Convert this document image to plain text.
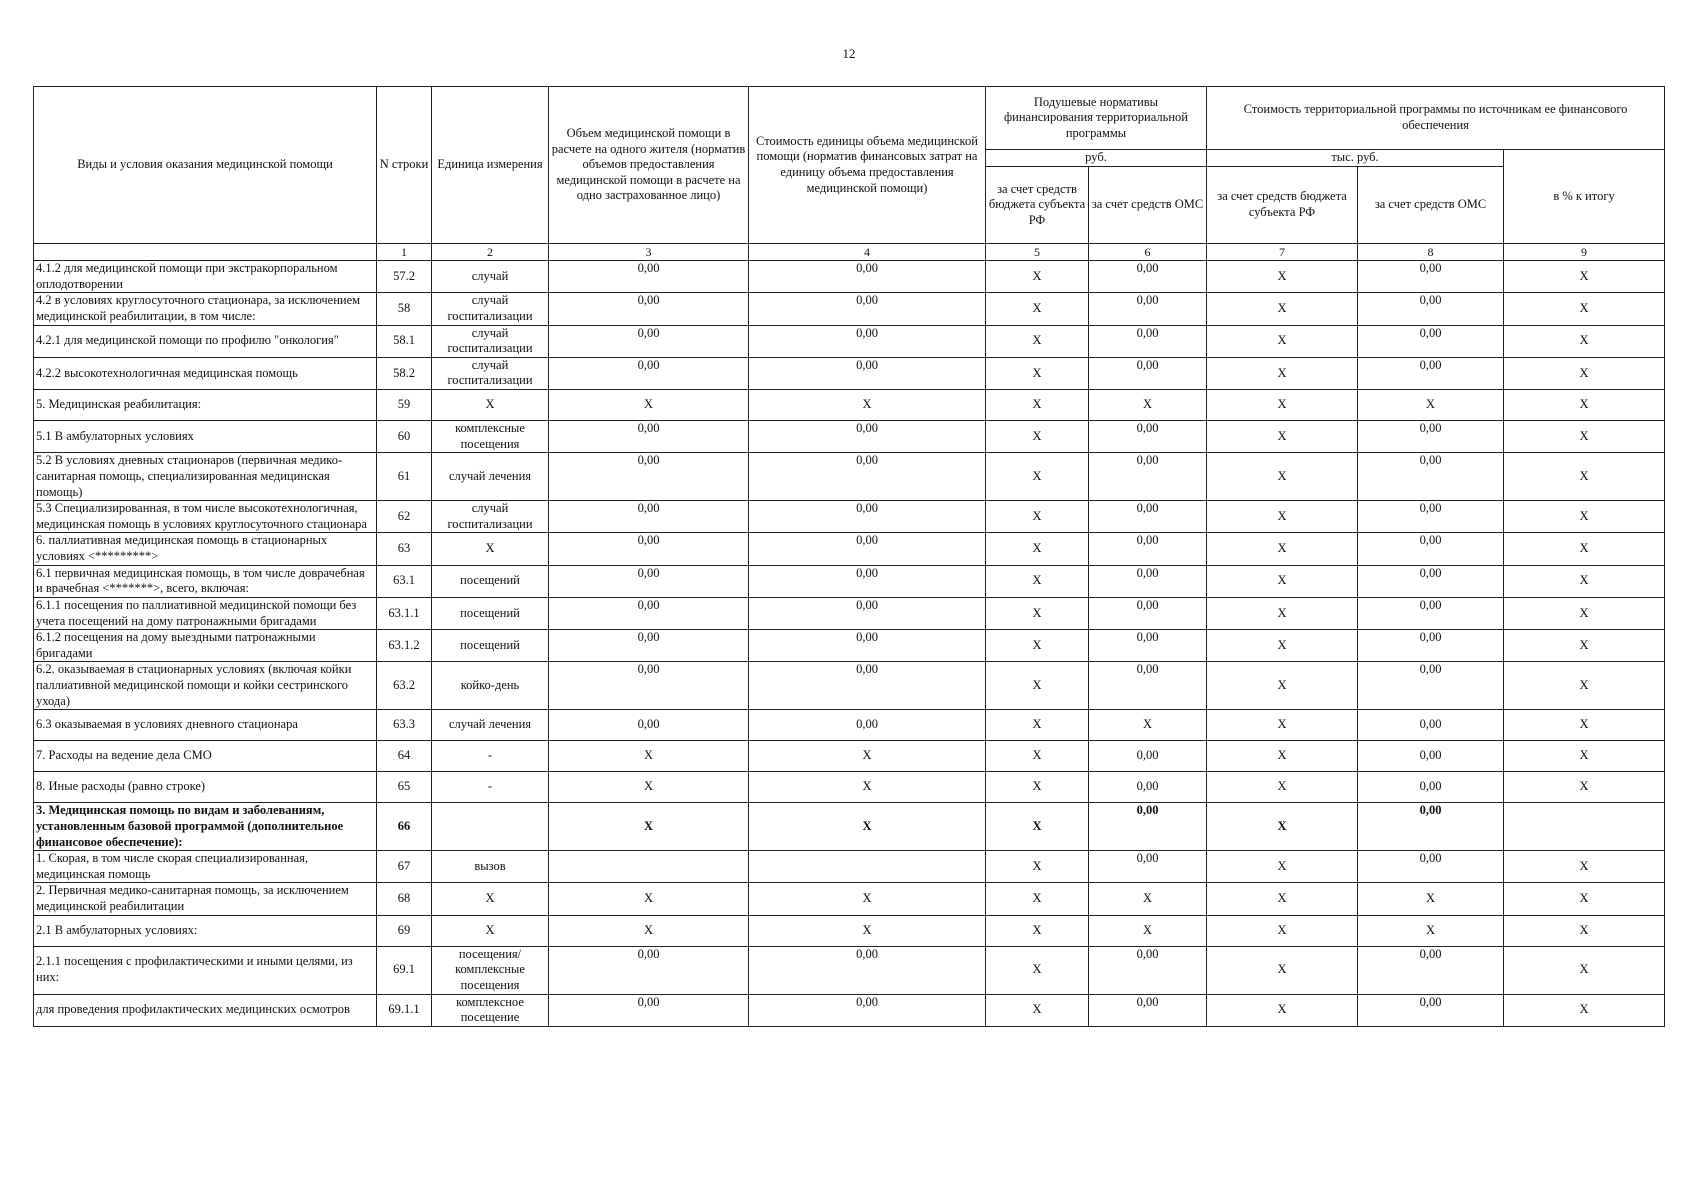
12
Виды и условия оказания медицинской помощи	N строки	Единица измерения	Объем медицинской помощи в расчете на одного жителя (норматив объемов предоставления медицинской помощи в расчете на одно застрахованное лицо)	Стоимость единицы объема медицинской помощи (норматив финансовых затрат на единицу объема предоставления медицинской помощи)	Подушевые нормативы финансирования территориальной программы		Стоимость территориальной программы по источникам ее финансового обеспечения		
					руб.		тыс. руб.		в % к итогу
					за счет средств бюджета субъекта РФ	за счет средств ОМС	за счет средств бюджета субъекта РФ	за счет средств ОМС	
	1	2	3	4	5	6	7	8	9
4.1.2 для медицинской помощи при экстракорпоральном оплодотворении	57.2	случай	0,00	0,00	X	0,00	X	0,00	X
4.2 в условиях круглосуточного стационара, за исключением медицинской реабилитации, в том числе:	58	случай госпитализации	0,00	0,00	X	0,00	X	0,00	X
4.2.1 для медицинской помощи по профилю "онкология"	58.1	случай госпитализации	0,00	0,00	X	0,00	X	0,00	X
4.2.2 высокотехнологичная медицинская помощь	58.2	случай госпитализации	0,00	0,00	X	0,00	X	0,00	X
5. Медицинская реабилитация:	59	X	X	X	X	X	X	X	X
5.1 В амбулаторных условиях	60	комплексные посещения	0,00	0,00	X	0,00	X	0,00	X
5.2 В условиях дневных стационаров (первичная медико-санитарная помощь, специализированная медицинская помощь)	61	случай лечения	0,00	0,00	X	0,00	X	0,00	X
5.3 Специализированная, в том числе высокотехнологичная, медицинская помощь в условиях круглосуточного стационара	62	случай госпитализации	0,00	0,00	X	0,00	X	0,00	X
6. паллиативная медицинская помощь в стационарных условиях <*********>	63	X	0,00	0,00	X	0,00	X	0,00	X
6.1 первичная медицинская помощь, в том числе доврачебная и врачебная <*******>, всего, включая:	63.1	посещений	0,00	0,00	X	0,00	X	0,00	X
6.1.1 посещения по паллиативной медицинской помощи без учета посещений на дому патронажными бригадами	63.1.1	посещений	0,00	0,00	X	0,00	X	0,00	X
6.1.2 посещения на дому выездными патронажными бригадами	63.1.2	посещений	0,00	0,00	X	0,00	X	0,00	X
6.2. оказываемая в стационарных условиях (включая койки паллиативной медицинской помощи и койки сестринского ухода)	63.2	койко-день	0,00	0,00	X	0,00	X	0,00	X
6.3 оказываемая в условиях дневного стационара	63.3	случай лечения	0,00	0,00	X	X	X	0,00	X
7. Расходы на ведение дела СМО	64	-	X	X	X	0,00	X	0,00	X
8. Иные расходы (равно строке)	65	-	X	X	X	0,00	X	0,00	X
3. Медицинская помощь по видам и заболеваниям, установленным базовой программой (дополнительное финансовое обеспечение):	66		X	X	X	0,00	X	0,00	
1. Скорая, в том числе скорая специализированная, медицинская помощь	67	вызов			X	0,00	X	0,00	X
2. Первичная медико-санитарная помощь, за исключением медицинской реабилитации	68	X	X	X	X	X	X	X	X
2.1 В амбулаторных условиях:	69	X	X	X	X	X	X	X	X
2.1.1 посещения с профилактическими и иными целями, из них:	69.1	посещения/комплексные посещения	0,00	0,00	X	0,00	X	0,00	X
для проведения профилактических медицинских осмотров	69.1.1	комплексное посещение	0,00	0,00	X	0,00	X	0,00	X
